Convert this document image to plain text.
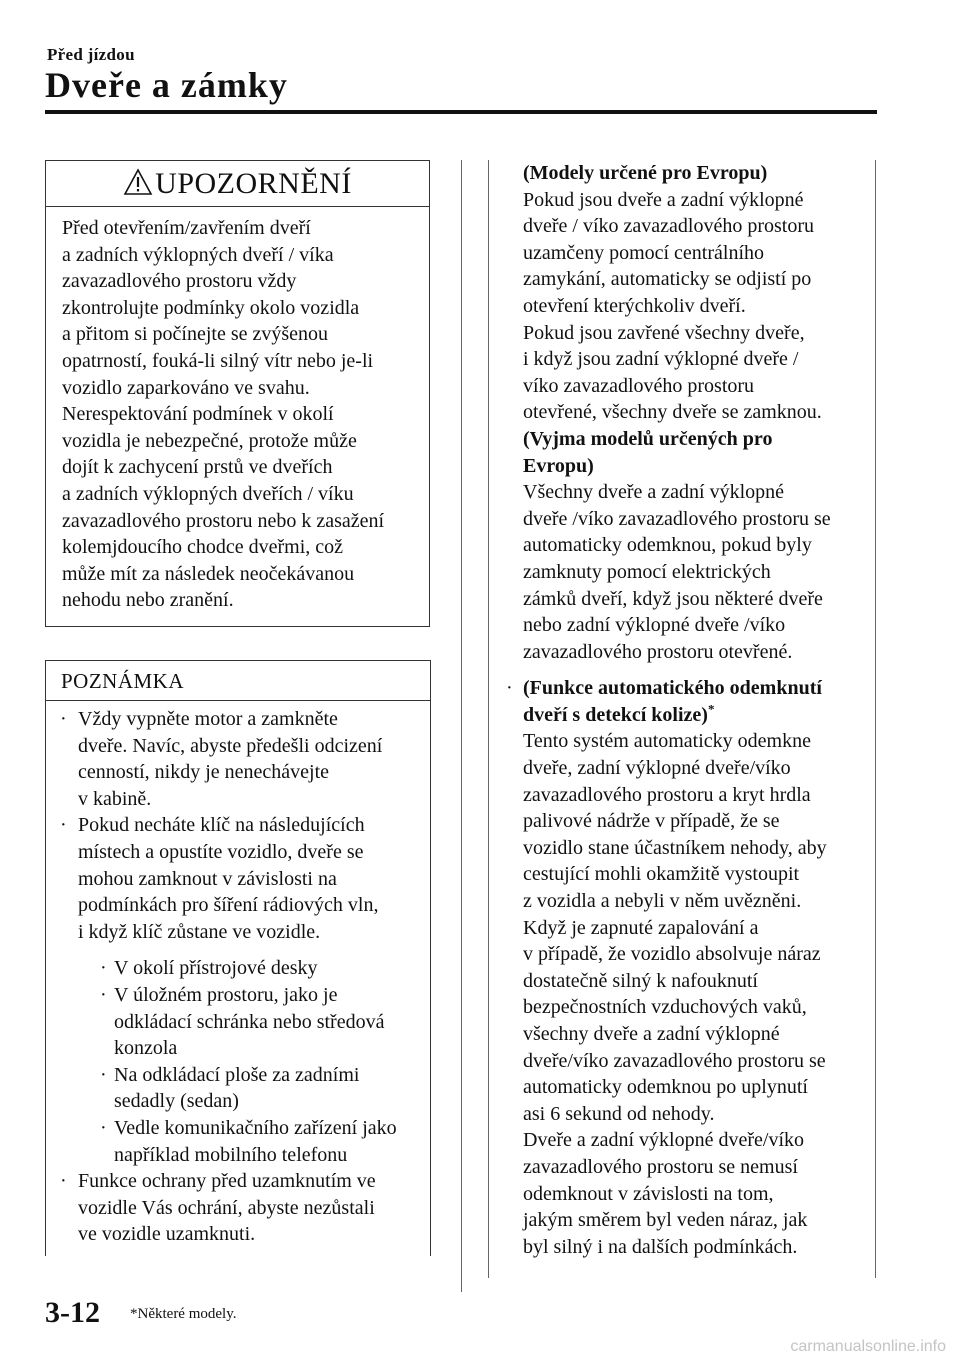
Před jízdou
Dveře a zámky
UPOZORNĚNÍ
Před otevřením/zavřením dveří
a zadních výklopných dveří / víka
zavazadlového prostoru vždy
zkontrolujte podmínky okolo vozidla
a přitom si počínejte se zvýšenou
opatrností, fouká-li silný vítr nebo je-li
vozidlo zaparkováno ve svahu.
Nerespektování podmínek v okolí
vozidla je nebezpečné, protože může
dojít k zachycení prstů ve dveřích
a zadních výklopných dveřích / víku
zavazadlového prostoru nebo k zasažení
kolemjdoucího chodce dveřmi, což
může mít za následek neočekávanou
nehodu nebo zranění.
POZNÁMKA
· Vždy vypněte motor a zamkněte
dveře. Navíc, abyste předešli odcizení
cenností, nikdy je nenechávejte
v kabině.
· Pokud necháte klíč na následujících
místech a opustíte vozidlo, dveře se
mohou zamknout v závislosti na
podmínkách pro šíření rádiových vln,
i když klíč zůstane ve vozidle.
· V okolí přístrojové desky
· V úložném prostoru, jako je
odkládací schránka nebo středová
konzola
· Na odkládací ploše za zadními
sedadly (sedan)
· Vedle komunikačního zařízení jako
například mobilního telefonu
· Funkce ochrany před uzamknutím ve
vozidle Vás ochrání, abyste nezůstali
ve vozidle uzamknuti.
(Modely určené pro Evropu)
Pokud jsou dveře a zadní výklopné
dveře / víko zavazadlového prostoru
uzamčeny pomocí centrálního
zamykání, automaticky se odjistí po
otevření kterýchkoliv dveří.
Pokud jsou zavřené všechny dveře,
i když jsou zadní výklopné dveře /
víko zavazadlového prostoru
otevřené, všechny dveře se zamknou.
(Vyjma modelů určených pro
Evropu)
Všechny dveře a zadní výklopné
dveře /víko zavazadlového prostoru se
automaticky odemknou, pokud byly
zamknuty pomocí elektrických
zámků dveří, když jsou některé dveře
nebo zadní výklopné dveře /víko
zavazadlového prostoru otevřené.
· (Funkce automatického odemknutí
dveří s detekcí kolize)*
Tento systém automaticky odemkne
dveře, zadní výklopné dveře/víko
zavazadlového prostoru a kryt hrdla
palivové nádrže v případě, že se
vozidlo stane účastníkem nehody, aby
cestující mohli okamžitě vystoupit
z vozidla a nebyli v něm uvězněni.
Když je zapnuté zapalování a
v případě, že vozidlo absolvuje náraz
dostatečně silný k nafouknutí
bezpečnostních vzduchových vaků,
všechny dveře a zadní výklopné
dveře/víko zavazadlového prostoru se
automaticky odemknou po uplynutí
asi 6 sekund od nehody.
Dveře a zadní výklopné dveře/víko
zavazadlového prostoru se nemusí
odemknout v závislosti na tom,
jakým směrem byl veden náraz, jak
byl silný i na dalších podmínkách.
3-12 *Některé modely.
carmanualsonline.info
